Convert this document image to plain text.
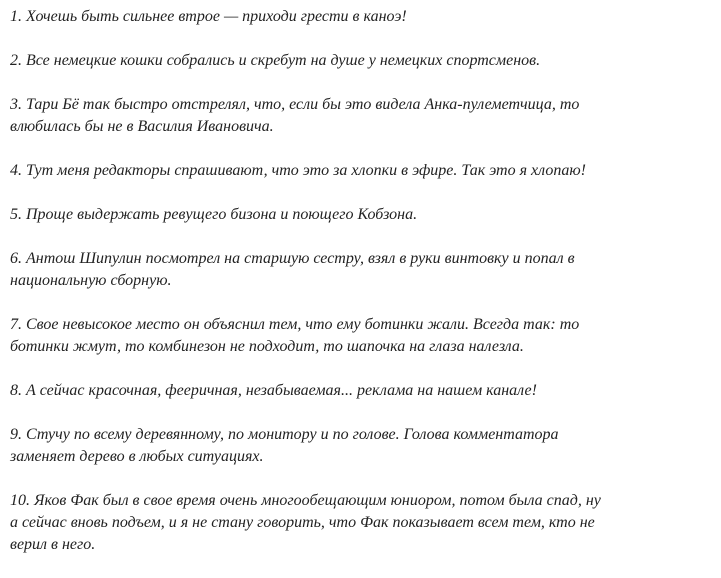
1. Хочешь быть сильнее втрое — приходи грести в каноэ!
2. Все немецкие кошки собрались и скребут на душе у немецких спортсменов.
3. Тари Бё так быстро отстрелял, что, если бы это видела Анка-пулеметчица, то влюбилась бы не в Василия Ивановича.
4. Тут меня редакторы спрашивают, что это за хлопки в эфире. Так это я хлопаю!
5. Проще выдержать ревущего бизона и поющего Кобзона.
6. Антош Шипулин посмотрел на старшую сестру, взял в руки винтовку и попал в национальную сборную.
7. Свое невысокое место он объяснил тем, что ему ботинки жали. Всегда так: то ботинки жмут, то комбинезон не подходит, то шапочка на глаза налезла.
8. А сейчас красочная, фееричная, незабываемая... реклама на нашем канале!
9. Стучу по всему деревянному, по монитору и по голове. Голова комментатора заменяет дерево в любых ситуациях.
10. Яков Фак был в свое время очень многообещающим юниором, потом была спад, ну а сейчас вновь подъем, и я не стану говорить, что Фак показывает всем тем, кто не верил в него.
